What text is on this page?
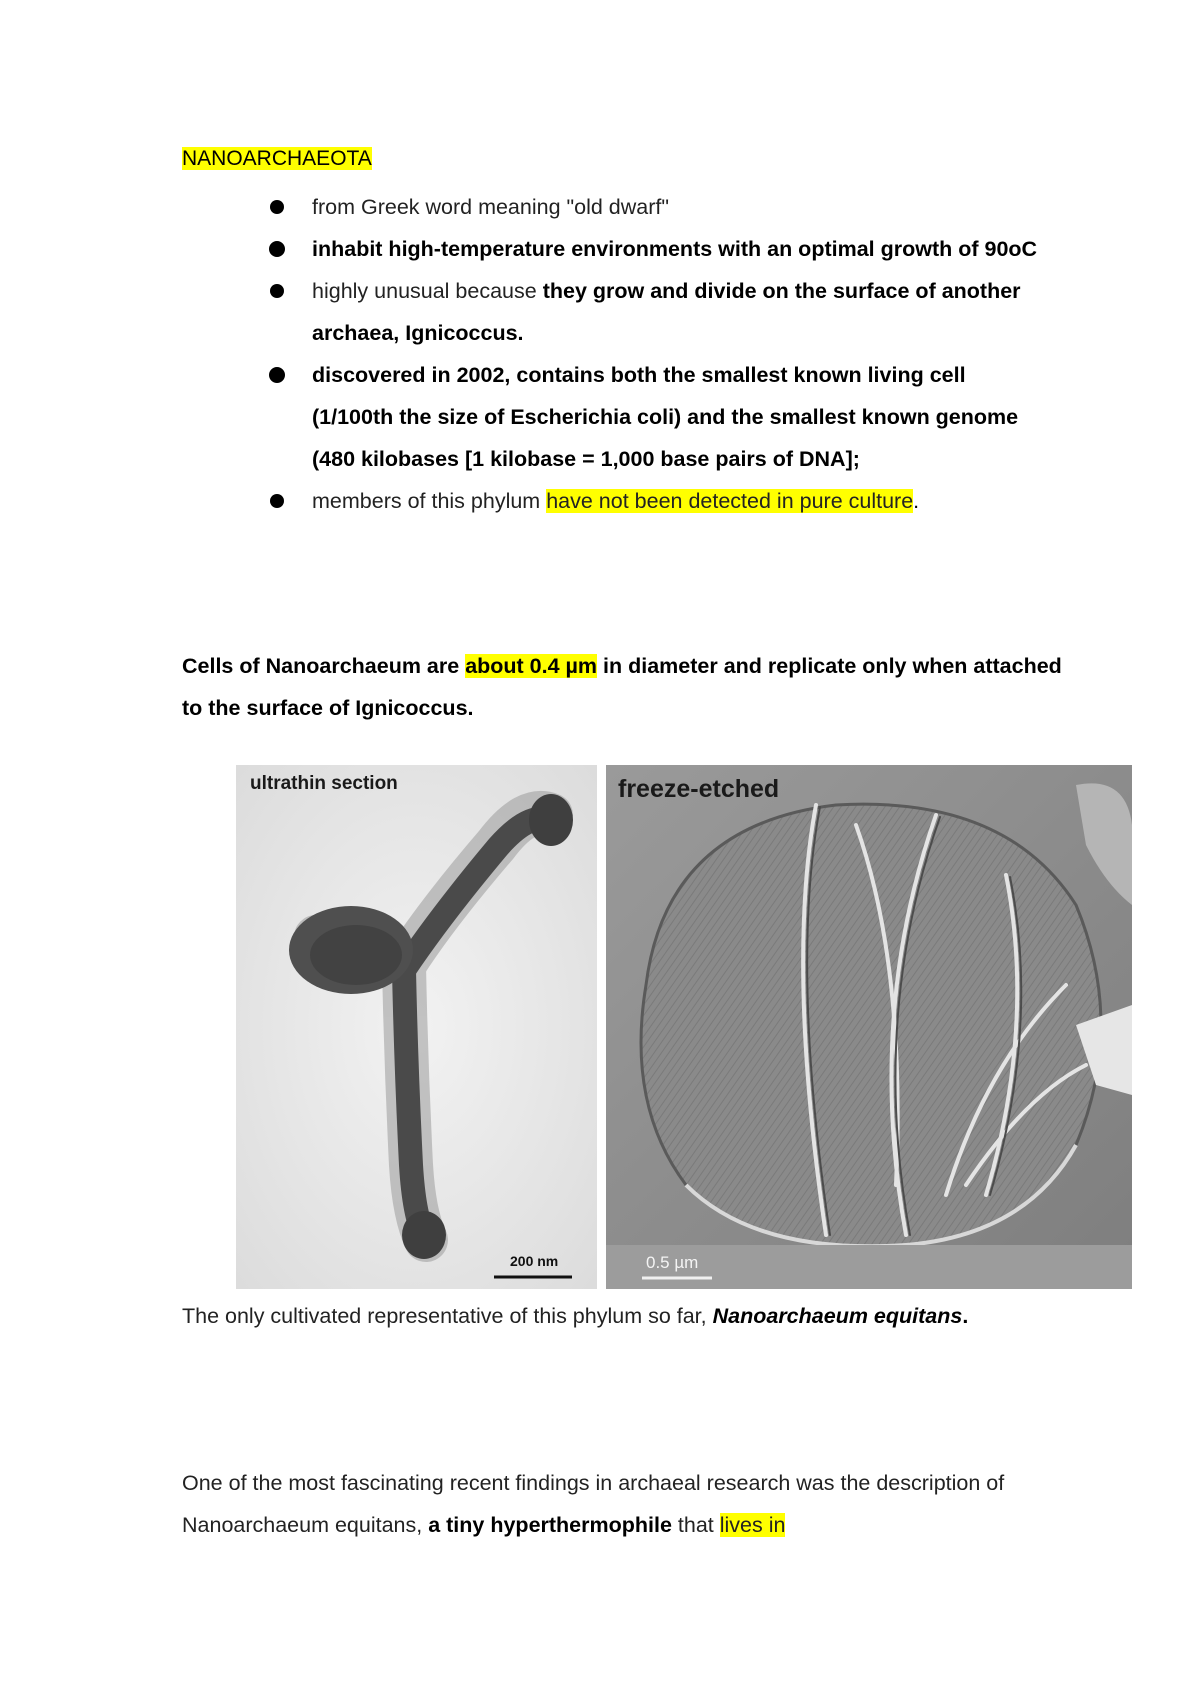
NANOARCHAEOTA
from Greek word meaning "old dwarf"
inhabit high-temperature environments with an optimal growth of 90oC
highly unusual because they grow and divide on the surface of another archaea, Ignicoccus.
discovered in 2002, contains both the smallest known living cell (1/100th the size of Escherichia coli) and the smallest known genome (480 kilobases [1 kilobase = 1,000 base pairs of DNA];
members of this phylum have not been detected in pure culture.
Cells of Nanoarchaeum are about 0.4 µm in diameter and replicate only when attached to the surface of Ignicoccus.
ultrathin section
200 nm
freeze-etched
0.5 µm
The only cultivated representative of this phylum so far, Nanoarchaeum equitans.
One of the most fascinating recent findings in archaeal research was the description of Nanoarchaeum equitans, a tiny hyperthermophile that lives in
